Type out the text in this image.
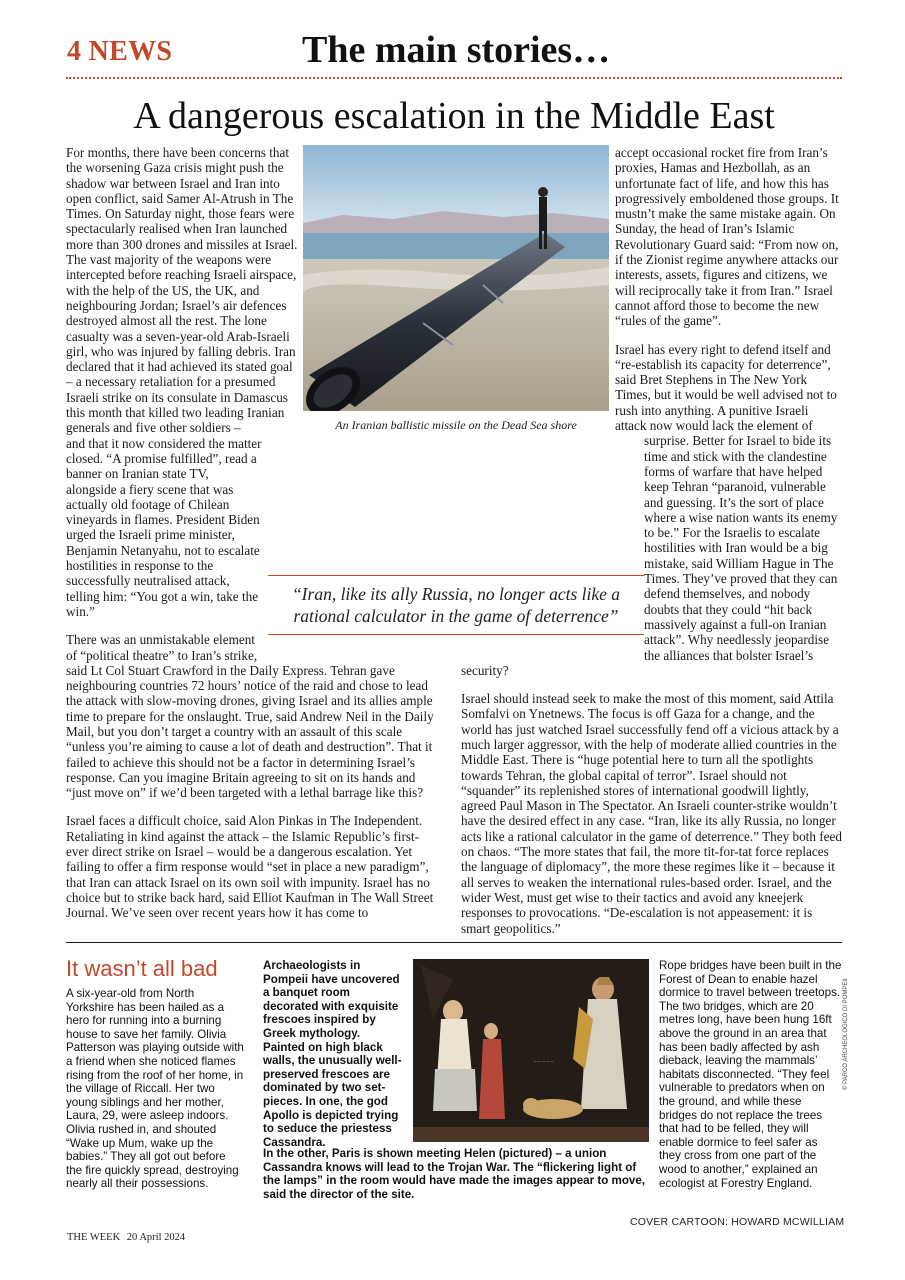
4 NEWS	The main stories…
A dangerous escalation in the Middle East

For months, there have been concerns that the worsening Gaza crisis might push the shadow war between Israel and Iran into open conflict, said Samer Al-Atrush in The Times. On Saturday night, those fears were spectacularly realised when Iran launched more than 300 drones and missiles at Israel. The vast majority of the weapons were intercepted before reaching Israeli airspace, with the help of the US, the UK, and neighbouring Jordan; Israel’s air defences destroyed almost all the rest. The lone casualty was a seven-year-old Arab-Israeli girl, who was injured by falling debris. Iran declared that it had achieved its stated goal – a necessary retaliation for a presumed Israeli strike on its consulate in Damascus this month that killed two leading Iranian generals and five other soldiers – and that it now considered the matter closed. “A promise fulfilled”, read a banner on Iranian state TV, alongside a fiery scene that was actually old footage of Chilean vineyards in flames. President Biden urged the Israeli prime minister, Benjamin Netanyahu, not to escalate hostilities in response to the successfully neutralised attack, telling him: “You got a win, take the win.”

There was an unmistakable element of “political theatre” to Iran’s strike, said Lt Col Stuart Crawford in the Daily Express. Tehran gave neighbouring countries 72 hours’ notice of the raid and chose to lead the attack with slow-moving drones, giving Israel and its allies ample time to prepare for the onslaught. True, said Andrew Neil in the Daily Mail, but you don’t target a country with an assault of this scale “unless you’re aiming to cause a lot of death and destruction”. That it failed to achieve this should not be a factor in determining Israel’s response. Can you imagine Britain agreeing to sit on its hands and “just move on” if we’d been targeted with a lethal barrage like this?

Israel faces a difficult choice, said Alon Pinkas in The Independent. Retaliating in kind against the attack – the Islamic Republic’s first-ever direct strike on Israel – would be a dangerous escalation. Yet failing to offer a firm response would “set in place a new paradigm”, that Iran can attack Israel on its own soil with impunity. Israel has no choice but to strike back hard, said Elliot Kaufman in The Wall Street Journal. We’ve seen over recent years how it has come to

accept occasional rocket fire from Iran’s proxies, Hamas and Hezbollah, as an unfortunate fact of life, and how this has progressively emboldened those groups. It mustn’t make the same mistake again. On Sunday, the head of Iran’s Islamic Revolutionary Guard said: “From now on, if the Zionist regime anywhere attacks our interests, assets, figures and citizens, we will reciprocally take it from Iran.” Israel cannot afford those to become the new “rules of the game”.

Israel has every right to defend itself and “re-establish its capacity for deterrence”, said Bret Stephens in The New York Times, but it would be well advised not to rush into anything. A punitive Israeli attack now would lack the element of surprise. Better for Israel to bide its time and stick with the clandestine forms of warfare that have helped keep Tehran “paranoid, vulnerable and guessing. It’s the sort of place where a wise nation wants its enemy to be.” For the Israelis to escalate hostilities with Iran would be a big mistake, said William Hague in The Times. They’ve proved that they can defend themselves, and nobody doubts that they could “hit back massively against a full-on Iranian attack”. Why needlessly jeopardise the alliances that bolster Israel’s security?

Israel should instead seek to make the most of this moment, said Attila Somfalvi on Ynetnews. The focus is off Gaza for a change, and the world has just watched Israel successfully fend off a vicious attack by a much larger aggressor, with the help of moderate allied countries in the Middle East. There is “huge potential here to turn all the spotlights towards Tehran, the global capital of terror”. Israel should not “squander” its replenished stores of international goodwill lightly, agreed Paul Mason in The Spectator. An Israeli counter-strike wouldn’t have the desired effect in any case. “Iran, like its ally Russia, no longer acts like a rational calculator in the game of deterrence.” They both feed on chaos. “The more states that fail, the more tit-for-tat force replaces the language of diplomacy”, the more these regimes like it – because it all serves to weaken the international rules-based order. Israel, and the wider West, must get wise to their tactics and avoid any kneejerk responses to provocations. “De-escalation is not appeasement: it is smart geopolitics.”

An Iranian ballistic missile on the Dead Sea shore
“Iran, like its ally Russia, no longer acts like a rational calculator in the game of deterrence”
It wasn’t all bad
A six-year-old from North Yorkshire has been hailed as a hero for running into a burning house to save her family. Olivia Patterson was playing outside with a friend when she noticed flames rising from the roof of her home, in the village of Riccall. Her two young siblings and her mother, Laura, 29, were asleep indoors. Olivia rushed in, and shouted “Wake up Mum, wake up the babies.” They all got out before the fire quickly spread, destroying nearly all their possessions.
Archaeologists in Pompeii have uncovered a banquet room decorated with exquisite frescoes inspired by Greek mythology. Painted on high black walls, the unusually well-preserved frescoes are dominated by two set-pieces. In one, the god Apollo is depicted trying to seduce the priestess Cassandra.
~~~~~
In the other, Paris is shown meeting Helen (pictured) – a union Cassandra knows will lead to the Trojan War. The “flickering light of the lamps” in the room would have made the images appear to move, said the director of the site.
Rope bridges have been built in the Forest of Dean to enable hazel dormice to travel between treetops. The two bridges, which are 20 metres long, have been hung 16ft above the ground in an area that has been badly affected by ash dieback, leaving the mammals’ habitats disconnected. “They feel vulnerable to predators when on the ground, and while these bridges do not replace the trees that had to be felled, they will enable dormice to feel safer as they cross from one part of the wood to another,” explained an ecologist at Forestry England.
© PARCO ARCHEOLOGICO DI POMPEII
COVER CARTOON: HOWARD MCWILLIAM
THE WEEK 20 April 2024
